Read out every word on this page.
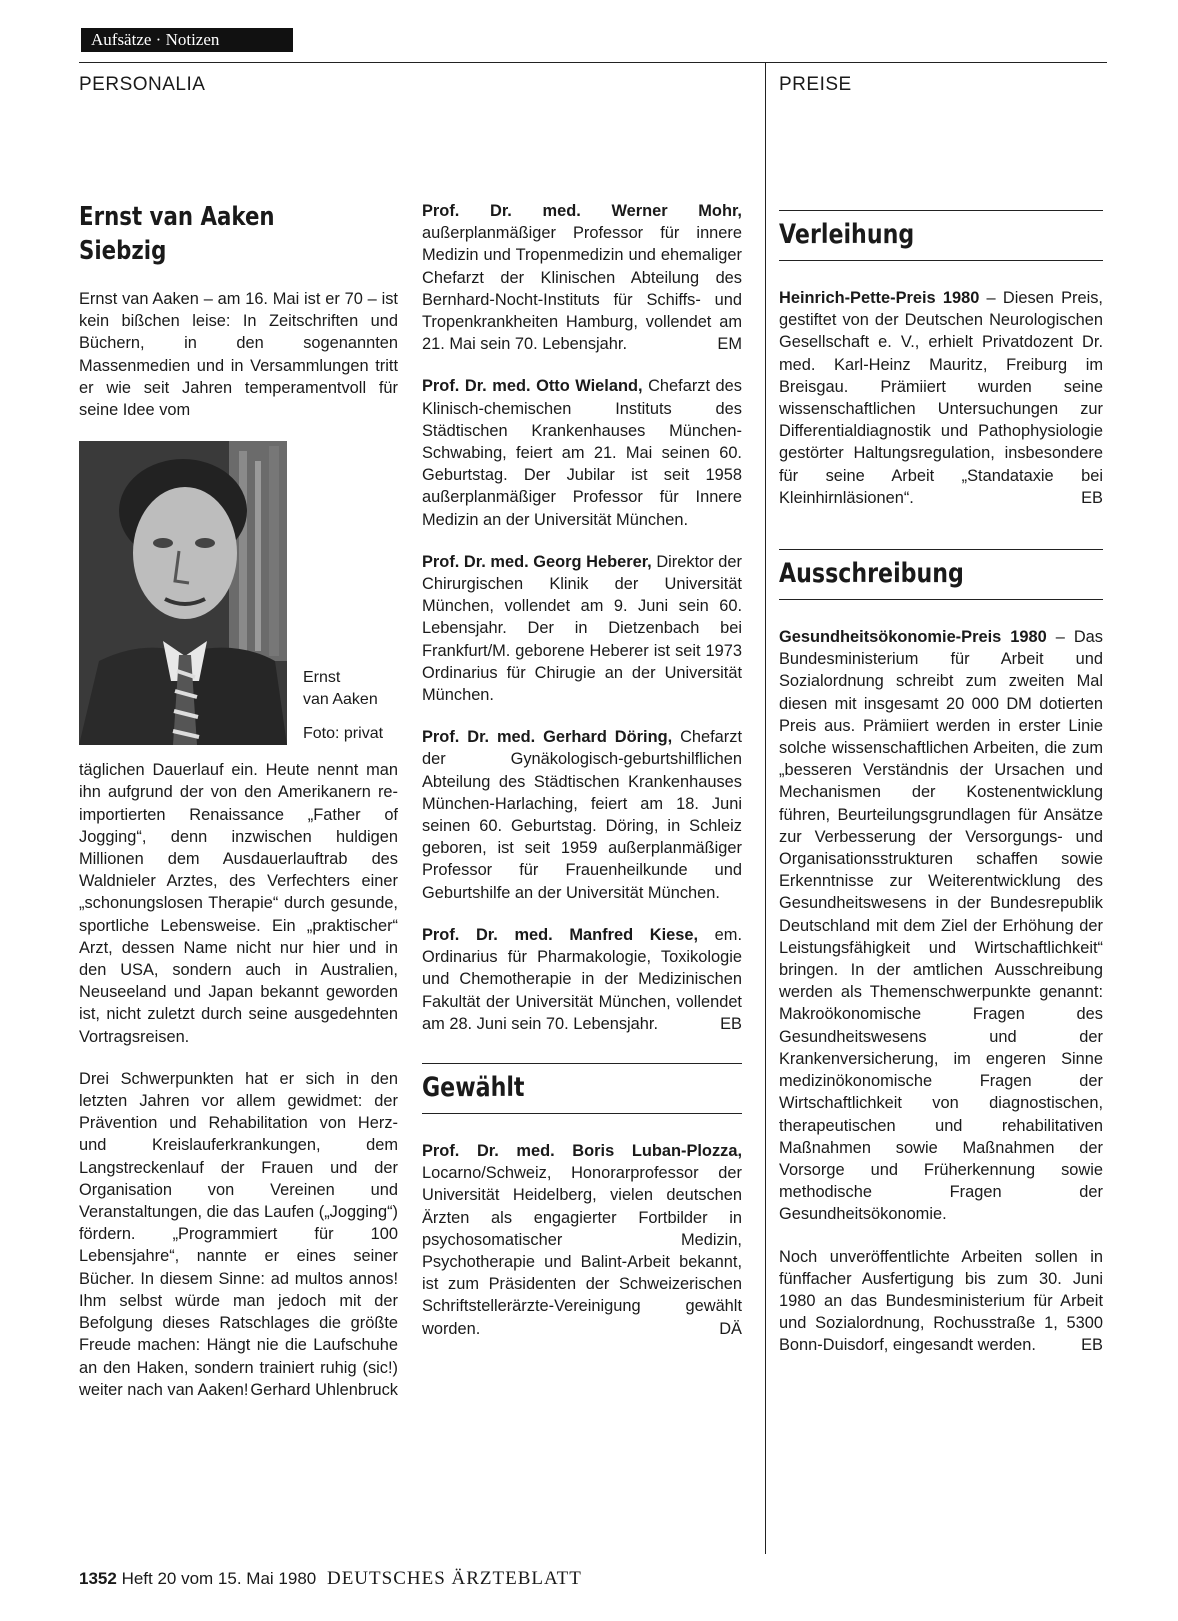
Aufsätze · Notizen
PERSONALIA	PREISE
Ernst van Aaken
Siebzig

Ernst van Aaken – am 16. Mai ist er 70 – ist kein bißchen leise: In Zeitschriften und Büchern, in den sogenannten Massenmedien und in Versammlungen tritt er wie seit Jahren temperamentvoll für seine Idee vom

Ernst
van Aaken
Foto: privat

täglichen Dauerlauf ein. Heute nennt man ihn aufgrund der von den Amerikanern re-importierten Renaissance „Father of Jogging“, denn inzwischen huldigen Millionen dem Ausdauerlauftrab des Waldnieler Arztes, des Verfechters einer „schonungslosen Therapie“ durch gesunde, sportliche Lebensweise. Ein „praktischer“ Arzt, dessen Name nicht nur hier und in den USA, sondern auch in Australien, Neuseeland und Japan bekannt geworden ist, nicht zuletzt durch seine ausgedehnten Vortragsreisen.

Drei Schwerpunkten hat er sich in den letzten Jahren vor allem gewidmet: der Prävention und Rehabilitation von Herz- und Kreislauferkrankungen, dem Langstreckenlauf der Frauen und der Organisation von Vereinen und Veranstaltungen, die das Laufen („Jogging“) fördern. „Programmiert für 100 Lebensjahre“, nannte er eines seiner Bücher. In diesem Sinne: ad multos annos! Ihm selbst würde man jedoch mit der Befolgung dieses Ratschlages die größte Freude machen: Hängt nie die Laufschuhe an den Haken, sondern trainiert ruhig (sic!) weiter nach van Aaken! Gerhard Uhlenbruck

Prof. Dr. med. Werner Mohr, außerplanmäßiger Professor für innere Medizin und Tropenmedizin und ehemaliger Chefarzt der Klinischen Abteilung des Bernhard-Nocht-Instituts für Schiffs- und Tropenkrankheiten Hamburg, vollendet am 21. Mai sein 70. Lebensjahr.	EM

Prof. Dr. med. Otto Wieland, Chefarzt des Klinisch-chemischen Instituts des Städtischen Krankenhauses München-Schwabing, feiert am 21. Mai seinen 60. Geburtstag. Der Jubilar ist seit 1958 außerplanmäßiger Professor für Innere Medizin an der Universität München.

Prof. Dr. med. Georg Heberer, Direktor der Chirurgischen Klinik der Universität München, vollendet am 9. Juni sein 60. Lebensjahr. Der in Dietzenbach bei Frankfurt/M. geborene Heberer ist seit 1973 Ordinarius für Chirugie an der Universität München.

Prof. Dr. med. Gerhard Döring, Chefarzt der Gynäkologisch-geburtshilflichen Abteilung des Städtischen Krankenhauses München-Harlaching, feiert am 18. Juni seinen 60. Geburtstag. Döring, in Schleiz geboren, ist seit 1959 außerplanmäßiger Professor für Frauenheilkunde und Geburtshilfe an der Universität München.

Prof. Dr. med. Manfred Kiese, em. Ordinarius für Pharmakologie, Toxikologie und Chemotherapie in der Medizinischen Fakultät der Universität München, vollendet am 28. Juni sein 70. Lebensjahr.	EB

Gewählt

Prof. Dr. med. Boris Luban-Plozza, Locarno/Schweiz, Honorarprofessor der Universität Heidelberg, vielen deutschen Ärzten als engagierter Fortbilder in psychosomatischer Medizin, Psychotherapie und Balint-Arbeit bekannt, ist zum Präsidenten der Schweizerischen Schriftstellerärzte-Vereinigung gewählt worden.	DÄ

Verleihung

Heinrich-Pette-Preis 1980 – Diesen Preis, gestiftet von der Deutschen Neurologischen Gesellschaft e. V., erhielt Privatdozent Dr. med. Karl-Heinz Mauritz, Freiburg im Breisgau. Prämiiert wurden seine wissenschaftlichen Untersuchungen zur Differentialdiagnostik und Pathophysiologie gestörter Haltungsregulation, insbesondere für seine Arbeit „Standataxie bei Kleinhirnläsionen“.	EB

Ausschreibung

Gesundheitsökonomie-Preis 1980 – Das Bundesministerium für Arbeit und Sozialordnung schreibt zum zweiten Mal diesen mit insgesamt 20 000 DM dotierten Preis aus. Prämiiert werden in erster Linie solche wissenschaftlichen Arbeiten, die zum „besseren Verständnis der Ursachen und Mechanismen der Kostenentwicklung führen, Beurteilungsgrundlagen für Ansätze zur Verbesserung der Versorgungs- und Organisationsstrukturen schaffen sowie Erkenntnisse zur Weiterentwicklung des Gesundheitswesens in der Bundesrepublik Deutschland mit dem Ziel der Erhöhung der Leistungsfähigkeit und Wirtschaftlichkeit“ bringen. In der amtlichen Ausschreibung werden als Themenschwerpunkte genannt: Makroökonomische Fragen des Gesundheitswesens und der Krankenversicherung, im engeren Sinne medizinökonomische Fragen der Wirtschaftlichkeit von diagnostischen, therapeutischen und rehabilitativen Maßnahmen sowie Maßnahmen der Vorsorge und Früherkennung sowie methodische Fragen der Gesundheitsökonomie.

Noch unveröffentlichte Arbeiten sollen in fünffacher Ausfertigung bis zum 30. Juni 1980 an das Bundesministerium für Arbeit und Sozialordnung, Rochusstraße 1, 5300 Bonn-Duisdorf, eingesandt werden.	EB

1352 Heft 20 vom 15. Mai 1980 DEUTSCHES ÄRZTEBLATT
